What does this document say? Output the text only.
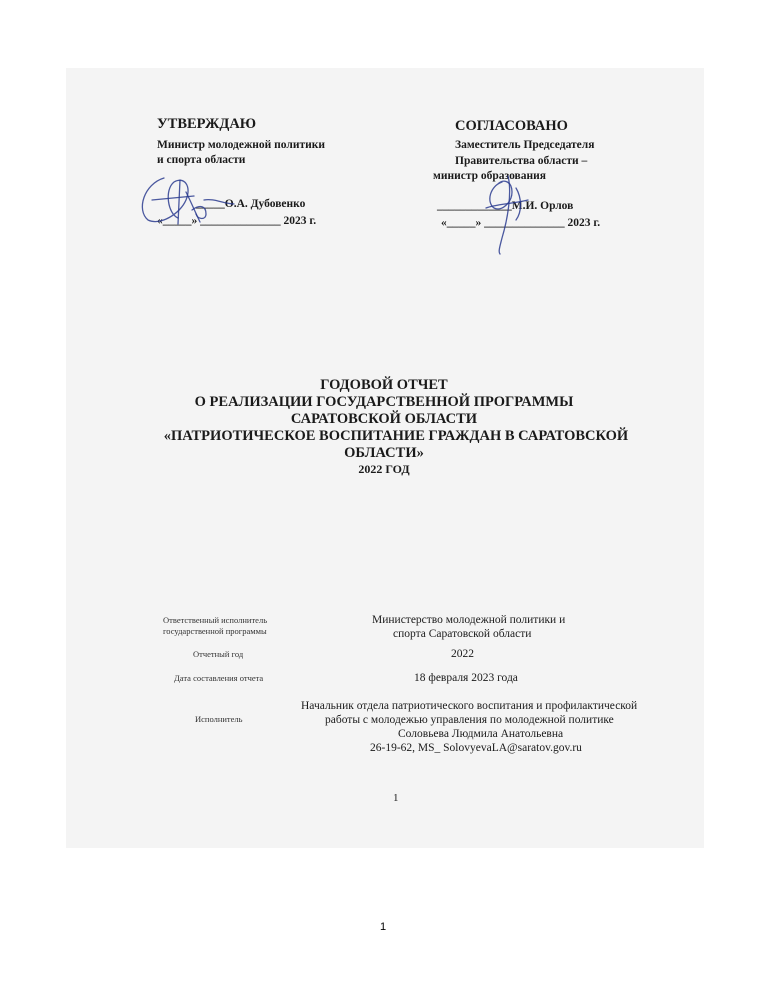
УТВЕРЖДАЮ
Министр молодежной политики
и спорта области
_____О.А. Дубовенко
«_____» ______________ 2023 г.
СОГЛАСОВАНО
Заместитель Председателя
Правительства области –
министр образования
_____________М.И. Орлов
«_____» ______________ 2023 г.
ГОДОВОЙ ОТЧЕТ
О РЕАЛИЗАЦИИ ГОСУДАРСТВЕННОЙ ПРОГРАММЫ
САРАТОВСКОЙ ОБЛАСТИ
«ПАТРИОТИЧЕСКОЕ ВОСПИТАНИЕ ГРАЖДАН В САРАТОВСКОЙ
ОБЛАСТИ»
2022 ГОД
Ответственный исполнитель
государственной программы
Министерство молодежной политики и
спорта Саратовской области
Отчетный год	2022
Дата составления отчета	18 февраля 2023 года
Исполнитель
Начальник отдела патриотического воспитания и профилактической
работы с молодежью управления по молодежной политике
Соловьева Людмила Анатольевна
26-19-62, MS_ SolovyevaLA@saratov.gov.ru
1
1
